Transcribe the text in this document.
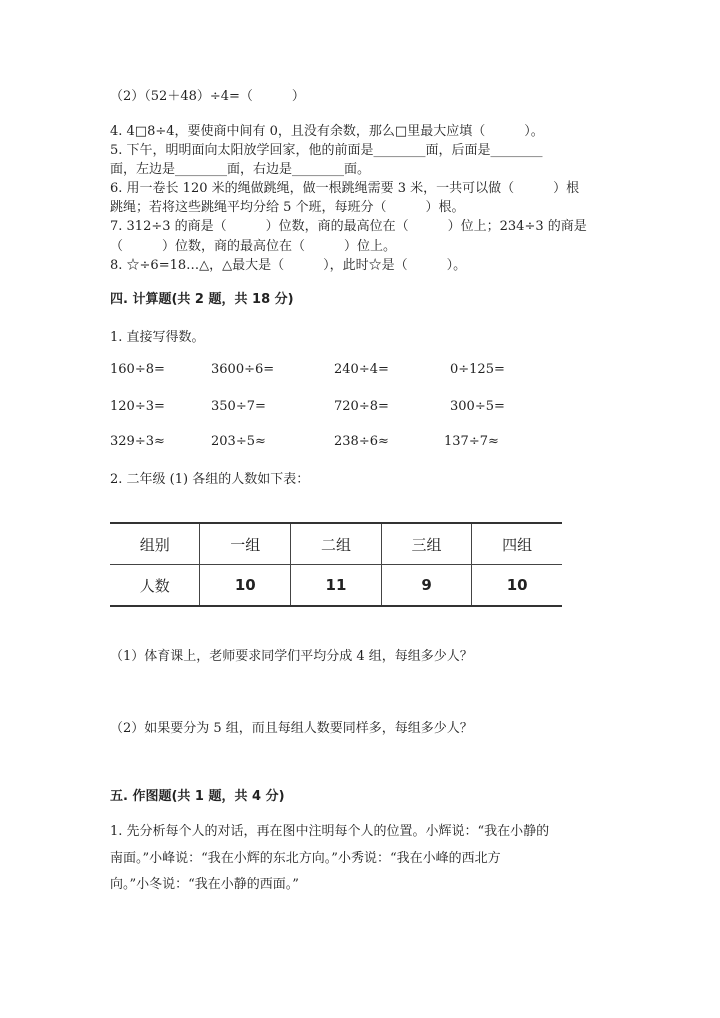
（2）（52＋48）÷4=（　　　）
4. 4□8÷4，要使商中间有 0，且没有余数，那么□里最大应填（　　　）。
5. 下午，明明面向太阳放学回家，他的前面是________面，后面是________
面，左边是________面，右边是________面。
6. 用一卷长 120 米的绳做跳绳，做一根跳绳需要 3 米，一共可以做（　　　）根
跳绳；若将这些跳绳平均分给 5 个班，每班分（　　　）根。
7. 312÷3 的商是（　　　）位数，商的最高位在（　　　）位上；234÷3 的商是
（　　　）位数，商的最高位在（　　　）位上。
8. ☆÷6=18…△，△最大是（　　　），此时☆是（　　　）。
四. 计算题(共 2 题，共 18 分)
1. 直接写得数。
160÷8=	3600÷6=	240÷4=	0÷125=
120÷3=	350÷7=	720÷8=	300÷5=
329÷3≈	203÷5≈	238÷6≈	137÷7≈
2. 二年级 (1) 各组的人数如下表：
组别	一组	二组	三组	四组
人数	10	11	9	10
（1）体育课上，老师要求同学们平均分成 4 组，每组多少人？
（2）如果要分为 5 组，而且每组人数要同样多，每组多少人？
五. 作图题(共 1 题，共 4 分)
1. 先分析每个人的对话，再在图中注明每个人的位置。小辉说：“我在小静的
南面。”小峰说：“我在小辉的东北方向。”小秀说：“我在小峰的西北方
向。”小冬说：“我在小静的西面。”
